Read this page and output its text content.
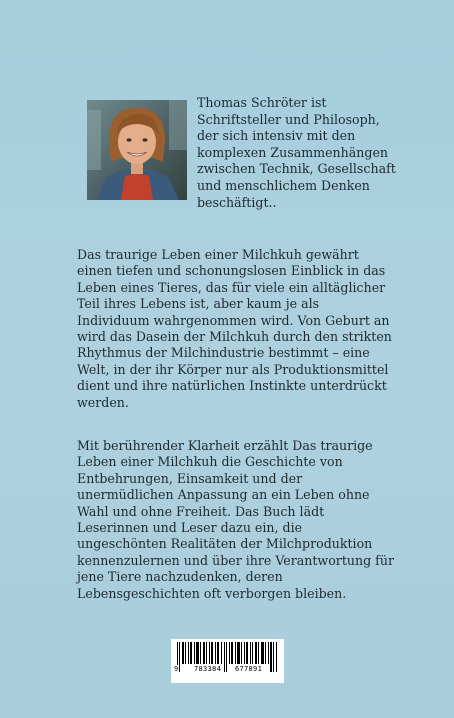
Thomas Schröter ist Schriftsteller und Philosoph, der sich intensiv mit den komplexen Zusammenhängen zwischen Technik, Gesellschaft und menschlichem Denken beschäftigt..

Das traurige Leben einer Milchkuh gewährt einen tiefen und schonungslosen Einblick in das Leben eines Tieres, das für viele ein alltäglicher Teil ihres Lebens ist, aber kaum je als Individuum wahrgenommen wird. Von Geburt an wird das Dasein der Milchkuh durch den strikten Rhythmus der Milchindustrie bestimmt – eine Welt, in der ihr Körper nur als Produktionsmittel dient und ihre natürlichen Instinkte unterdrückt werden.

Mit berührender Klarheit erzählt Das traurige Leben einer Milchkuh die Geschichte von Entbehrungen, Einsamkeit und der unermüdlichen Anpassung an ein Leben ohne Wahl und ohne Freiheit. Das Buch lädt Leserinnen und Leser dazu ein, die ungeschönten Realitäten der Milchproduktion kennenzulernen und über ihre Verantwortung für jene Tiere nachzudenken, deren Lebensgeschichten oft verborgen bleiben.

9 783384 677891
